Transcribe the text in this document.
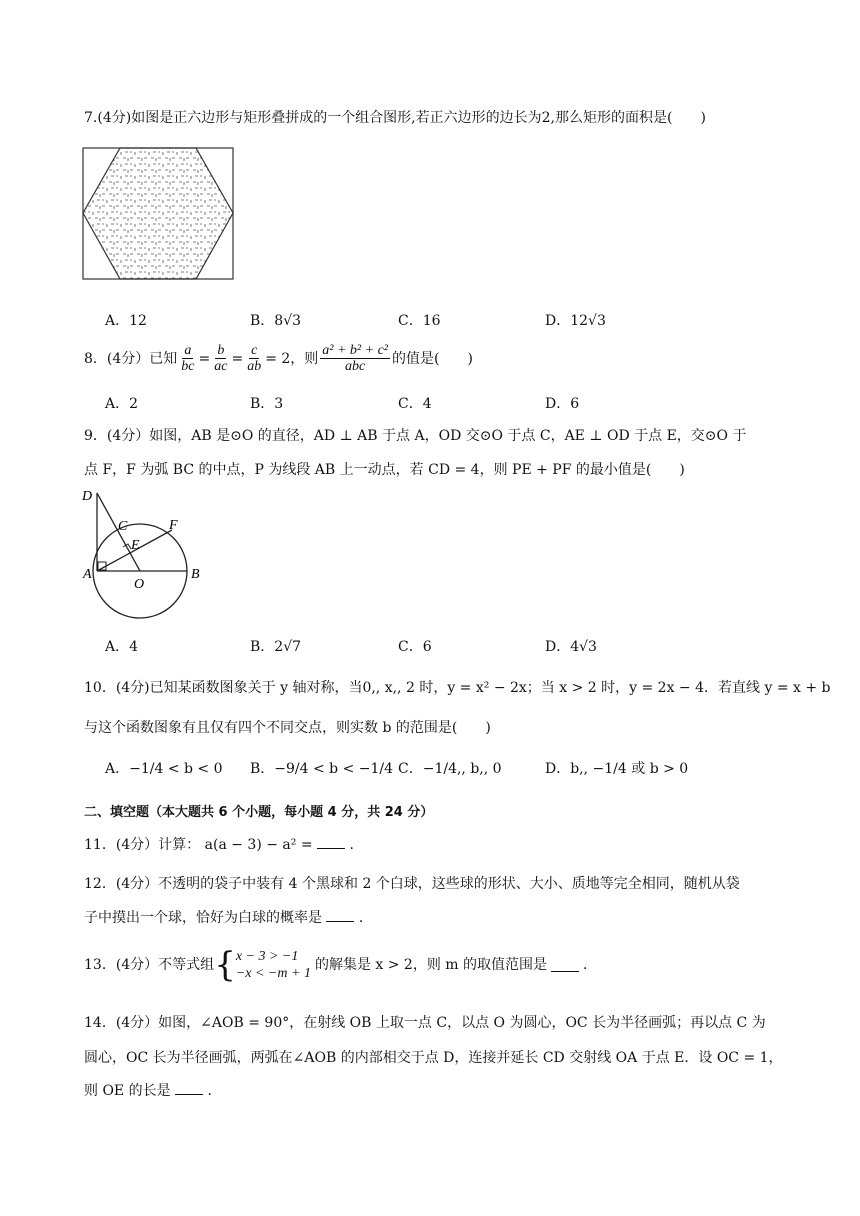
7.(4分)如图是正六边形与矩形叠拼成的一个组合图形,若正六边形的边长为2,那么矩形的面积是(　　)
A．12	B．8√3	C．16	D．12√3
8．(4分）已知 $\frac{a}{bc} = \frac{b}{ac} = \frac{c}{ab} = 2$，则 $\frac{\text{a² + b² + c²}}{\text{abc}}$ 的值是(　　)
A．2	B．3	C．4	D．6
9．(4分）如图，AB 是⊙O 的直径，AD ⊥ AB 于点 A，OD 交⊙O 于点 C，AE ⊥ OD 于点 E，交⊙O 于
点 F，F 为弧 BC 的中点，P 为线段 AB 上一动点，若 CD = 4，则 PE + PF 的最小值是(　　)
D
C	F
E
A
O
B
A．4	B．2√7	C．6	D．4√3
10．(4分)已知某函数图象关于 y 轴对称，当0,, x,, 2 时，y = x² − 2x；当 x > 2 时，y = 2x − 4．若直线 y = x + b
与这个函数图象有且仅有四个不同交点，则实数 b 的范围是(　　)
A．−1/4 < b < 0 B．−9/4 < b < −1/4 C．−1/4,, b,, 0	D．b,, −1/4 或 b > 0
二、填空题（本大题共 6 个小题，每小题 4 分，共 24 分）
11．(4分）计算： a(a − 3) − a² =	．
12．(4分）不透明的袋子中装有 4 个黑球和 2 个白球，这些球的形状、大小、质地等完全相同，随机从袋
子中摸出一个球，恰好为白球的概率是	．
13．(4分）不等式组 { x − 3 > −1
−x < −m + 1
的解集是 x > 2，则 m 的取值范围是	．
14．(4分）如图，∠AOB = 90°，在射线 OB 上取一点 C，以点 O 为圆心，OC 长为半径画弧；再以点 C 为
圆心，OC 长为半径画弧，两弧在∠AOB 的内部相交于点 D，连接并延长 CD 交射线 OA 于点 E．设 OC = 1，
则 OE 的长是	．
